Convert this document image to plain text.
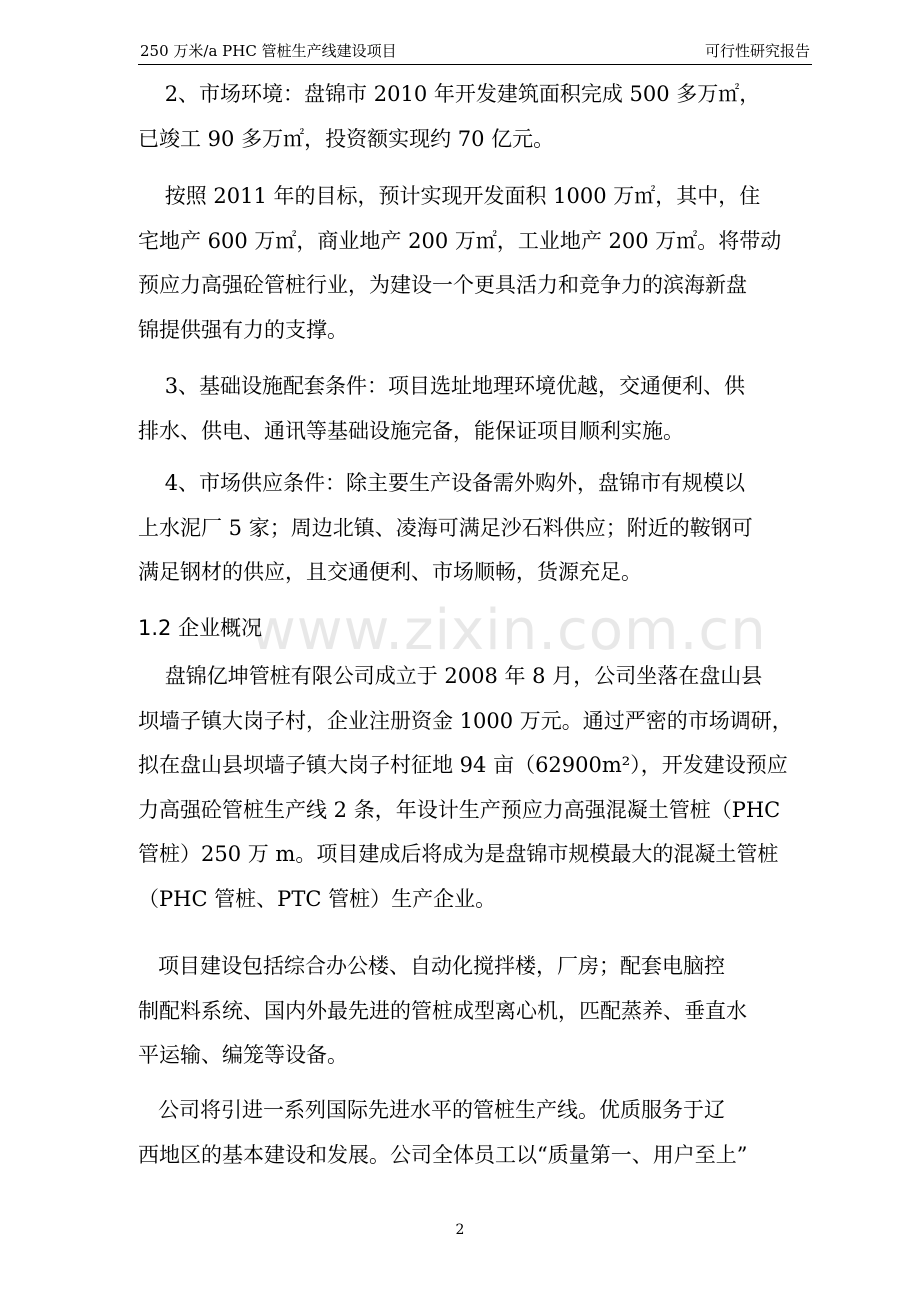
250 万米/a PHC 管桩生产线建设项目	可行性研究报告
2、市场环境：盘锦市 2010 年开发建筑面积完成 500 多万㎡，
已竣工 90 多万㎡，投资额实现约 70 亿元。
按照 2011 年的目标，预计实现开发面积 1000 万㎡，其中，住
宅地产 600 万㎡，商业地产 200 万㎡，工业地产 200 万㎡。将带动
预应力高强砼管桩行业，为建设一个更具活力和竞争力的滨海新盘
锦提供强有力的支撑。
3、基础设施配套条件：项目选址地理环境优越，交通便利、供
排水、供电、通讯等基础设施完备，能保证项目顺利实施。
4、市场供应条件：除主要生产设备需外购外，盘锦市有规模以
上水泥厂 5 家；周边北镇、凌海可满足沙石料供应；附近的鞍钢可
满足钢材的供应，且交通便利、市场顺畅，货源充足。
1.2 企业概况
www.zixin.com.cn
盘锦亿坤管桩有限公司成立于 2008 年 8 月，公司坐落在盘山县
坝墙子镇大岗子村，企业注册资金 1000 万元。通过严密的市场调研，
拟在盘山县坝墙子镇大岗子村征地 94 亩（62900m²），开发建设预应
力高强砼管桩生产线 2 条，年设计生产预应力高强混凝土管桩（PHC
管桩）250 万 m。项目建成后将成为是盘锦市规模最大的混凝土管桩
（PHC 管桩、PTC 管桩）生产企业。
项目建设包括综合办公楼、自动化搅拌楼，厂房；配套电脑控
制配料系统、国内外最先进的管桩成型离心机，匹配蒸养、垂直水
平运输、编笼等设备。
公司将引进一系列国际先进水平的管桩生产线。优质服务于辽
西地区的基本建设和发展。公司全体员工以“质量第一、用户至上”
2
